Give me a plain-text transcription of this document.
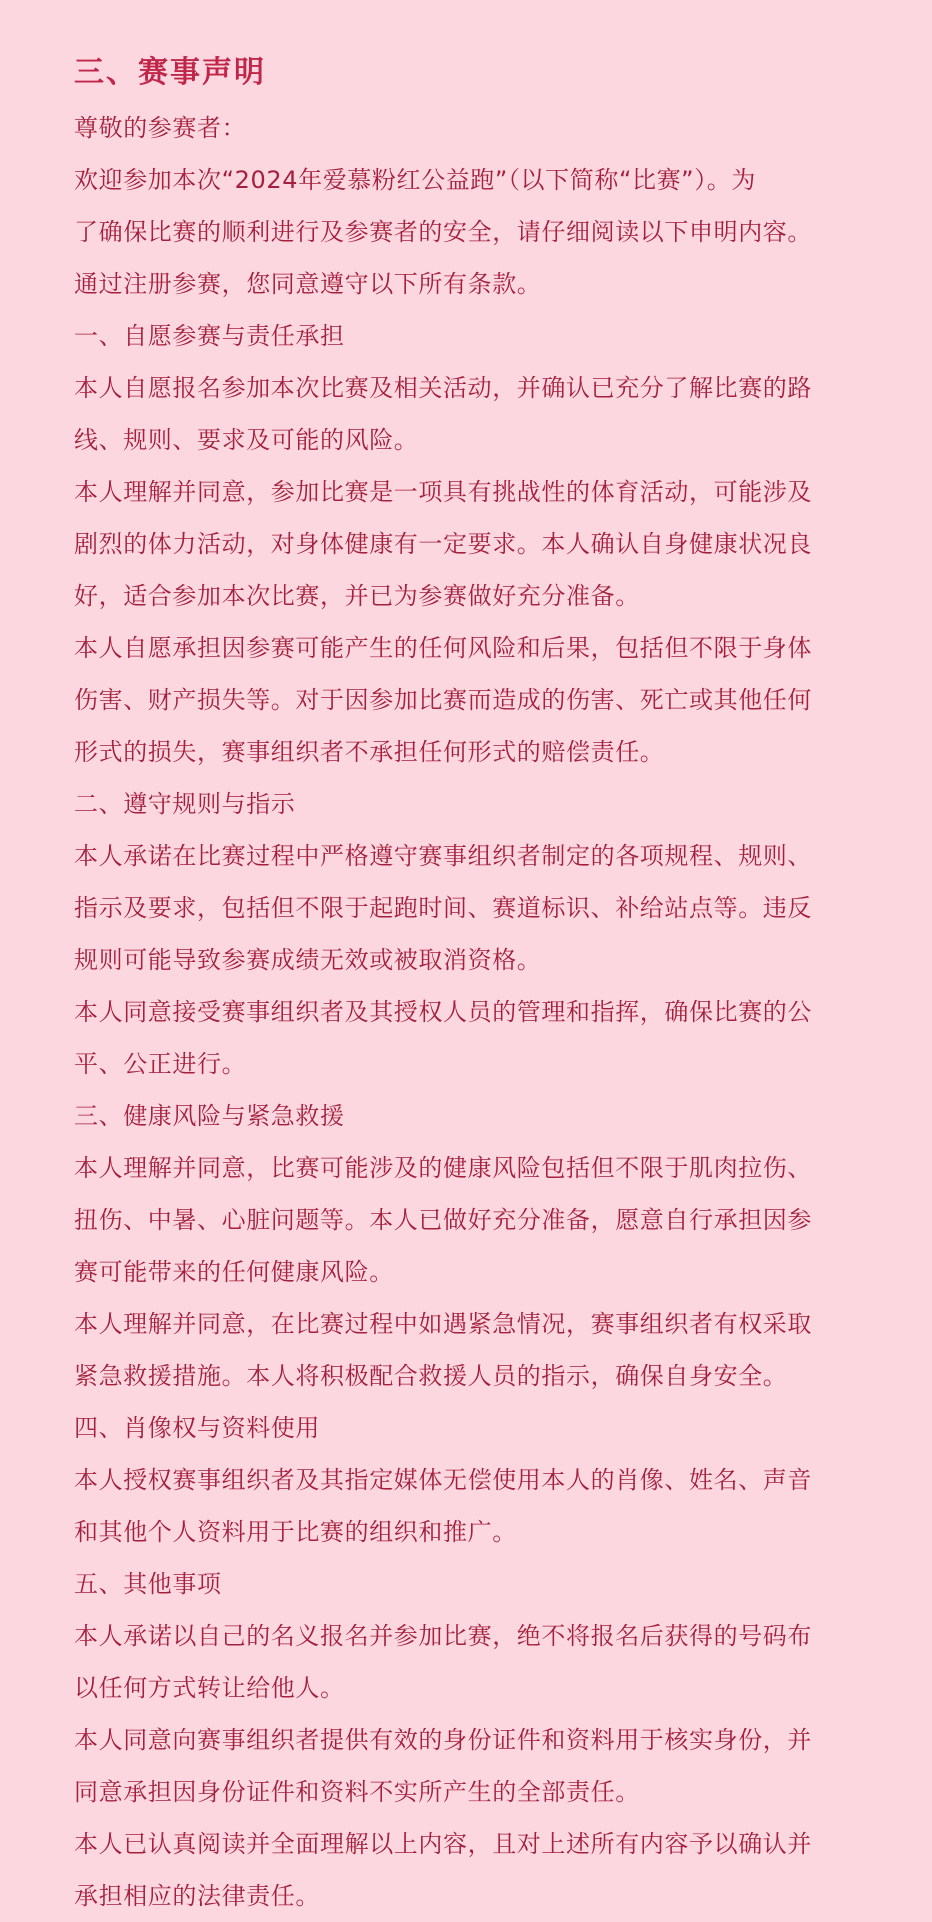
三、赛事声明

尊敬的参赛者：

欢迎参加本次“2024年爱慕粉红公益跑”（以下简称“比赛”）。为

了确保比赛的顺利进行及参赛者的安全，请仔细阅读以下申明内容。

通过注册参赛，您同意遵守以下所有条款。

一、自愿参赛与责任承担

本人自愿报名参加本次比赛及相关活动，并确认已充分了解比赛的路

线、规则、要求及可能的风险。

本人理解并同意，参加比赛是一项具有挑战性的体育活动，可能涉及

剧烈的体力活动，对身体健康有一定要求。本人确认自身健康状况良

好，适合参加本次比赛，并已为参赛做好充分准备。

本人自愿承担因参赛可能产生的任何风险和后果，包括但不限于身体

伤害、财产损失等。对于因参加比赛而造成的伤害、死亡或其他任何

形式的损失，赛事组织者不承担任何形式的赔偿责任。

二、遵守规则与指示

本人承诺在比赛过程中严格遵守赛事组织者制定的各项规程、规则、

指示及要求，包括但不限于起跑时间、赛道标识、补给站点等。违反

规则可能导致参赛成绩无效或被取消资格。

本人同意接受赛事组织者及其授权人员的管理和指挥，确保比赛的公

平、公正进行。

三、健康风险与紧急救援

本人理解并同意，比赛可能涉及的健康风险包括但不限于肌肉拉伤、

扭伤、中暑、心脏问题等。本人已做好充分准备，愿意自行承担因参

赛可能带来的任何健康风险。

本人理解并同意，在比赛过程中如遇紧急情况，赛事组织者有权采取

紧急救援措施。本人将积极配合救援人员的指示，确保自身安全。

四、肖像权与资料使用

本人授权赛事组织者及其指定媒体无偿使用本人的肖像、姓名、声音

和其他个人资料用于比赛的组织和推广。

五、其他事项

本人承诺以自己的名义报名并参加比赛，绝不将报名后获得的号码布

以任何方式转让给他人。

本人同意向赛事组织者提供有效的身份证件和资料用于核实身份，并

同意承担因身份证件和资料不实所产生的全部责任。

本人已认真阅读并全面理解以上内容，且对上述所有内容予以确认并

承担相应的法律责任。
